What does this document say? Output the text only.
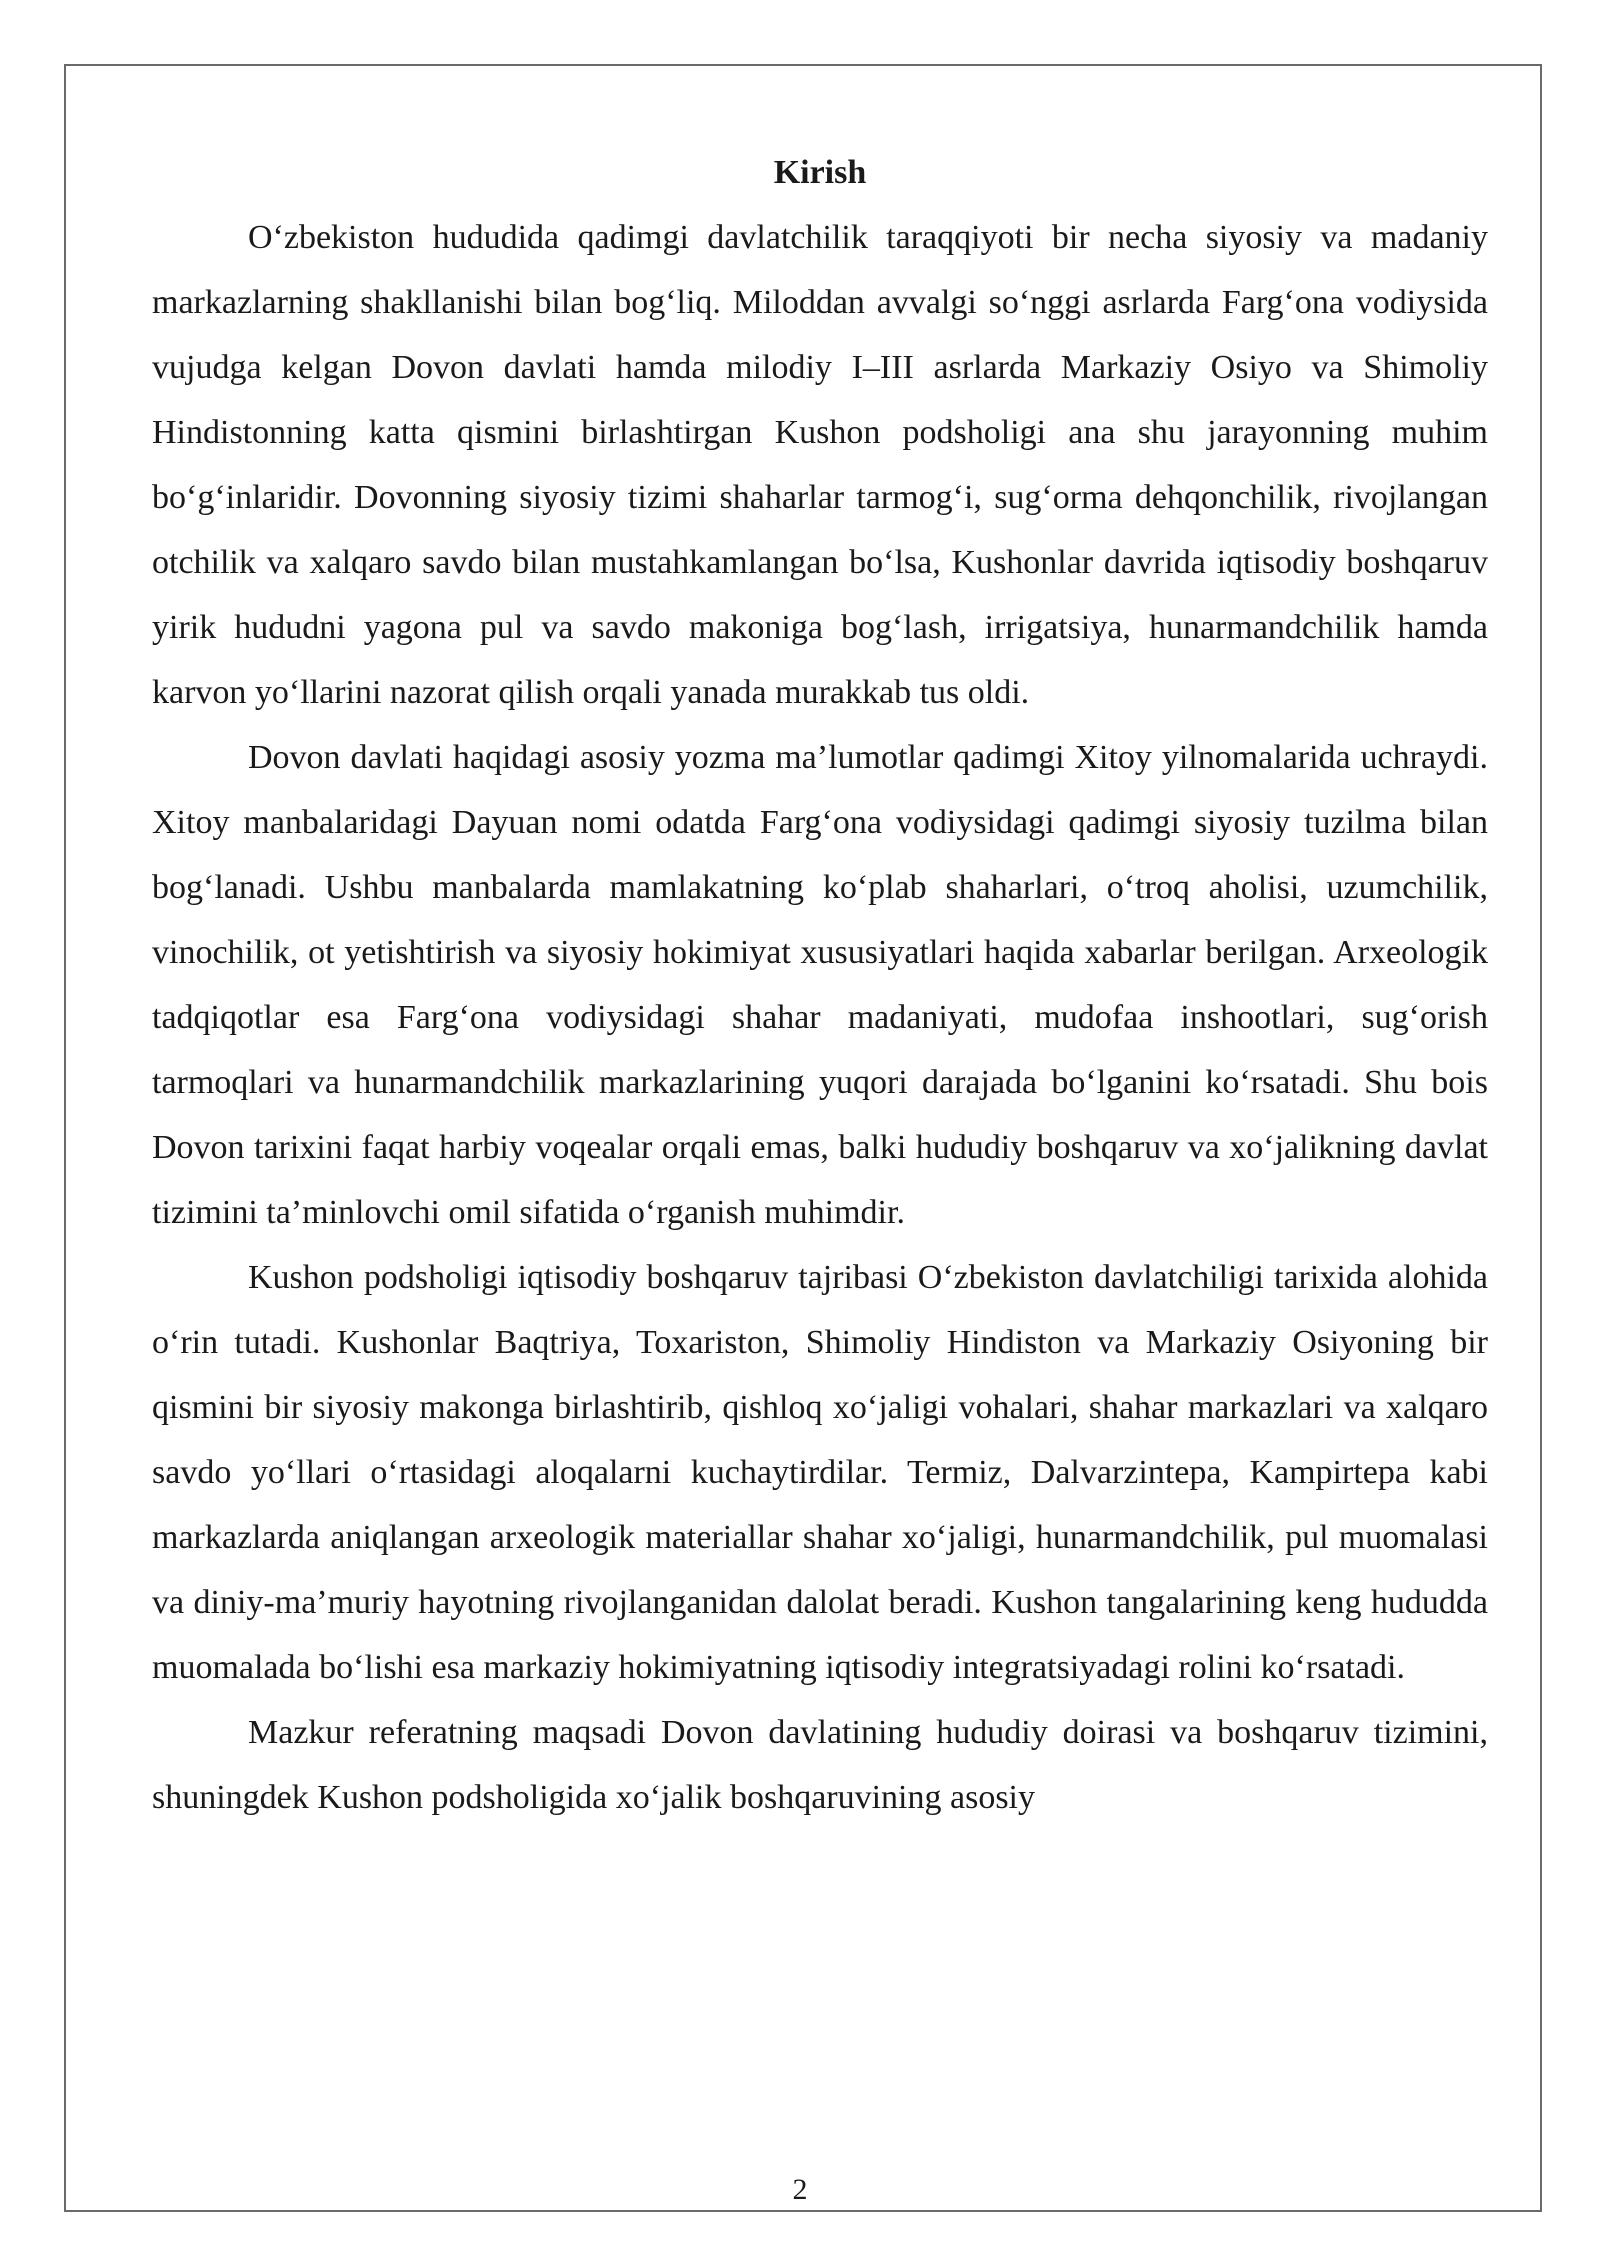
Kirish

O‘zbekiston hududida qadimgi davlatchilik taraqqiyoti bir necha siyosiy va madaniy markazlarning shakllanishi bilan bog‘liq. Miloddan avvalgi so‘nggi asrlarda Farg‘ona vodiysida vujudga kelgan Dovon davlati hamda milodiy I–III asrlarda Markaziy Osiyo va Shimoliy Hindistonning katta qismini birlashtirgan Kushon podsholigi ana shu jarayonning muhim bo‘g‘inlaridir. Dovonning siyosiy tizimi shaharlar tarmog‘i, sug‘orma dehqonchilik, rivojlangan otchilik va xalqaro savdo bilan mustahkamlangan bo‘lsa, Kushonlar davrida iqtisodiy boshqaruv yirik hududni yagona pul va savdo makoniga bog‘lash, irrigatsiya, hunarmandchilik hamda karvon yo‘llarini nazorat qilish orqali yanada murakkab tus oldi.

Dovon davlati haqidagi asosiy yozma ma’lumotlar qadimgi Xitoy yilnomalarida uchraydi. Xitoy manbalaridagi Dayuan nomi odatda Farg‘ona vodiysidagi qadimgi siyosiy tuzilma bilan bog‘lanadi. Ushbu manbalarda mamlakatning ko‘plab shaharlari, o‘troq aholisi, uzumchilik, vinochilik, ot yetishtirish va siyosiy hokimiyat xususiyatlari haqida xabarlar berilgan. Arxeologik tadqiqotlar esa Farg‘ona vodiysidagi shahar madaniyati, mudofaa inshootlari, sug‘orish tarmoqlari va hunarmandchilik markazlarining yuqori darajada bo‘lganini ko‘rsatadi. Shu bois Dovon tarixini faqat harbiy voqealar orqali emas, balki hududiy boshqaruv va xo‘jalikning davlat tizimini ta’minlovchi omil sifatida o‘rganish muhimdir.

Kushon podsholigi iqtisodiy boshqaruv tajribasi O‘zbekiston davlatchiligi tarixida alohida o‘rin tutadi. Kushonlar Baqtriya, Toxariston, Shimoliy Hindiston va Markaziy Osiyoning bir qismini bir siyosiy makonga birlashtirib, qishloq xo‘jaligi vohalari, shahar markazlari va xalqaro savdo yo‘llari o‘rtasidagi aloqalarni kuchaytirdilar. Termiz, Dalvarzintepa, Kampirtepa kabi markazlarda aniqlangan arxeologik materiallar shahar xo‘jaligi, hunarmandchilik, pul muomalasi va diniy-ma’muriy hayotning rivojlanganidan dalolat beradi. Kushon tangalarining keng hududda muomalada bo‘lishi esa markaziy hokimiyatning iqtisodiy integratsiyadagi rolini ko‘rsatadi.

Mazkur referatning maqsadi Dovon davlatining hududiy doirasi va boshqaruv tizimini, shuningdek Kushon podsholigida xo‘jalik boshqaruvining asosiy

2
